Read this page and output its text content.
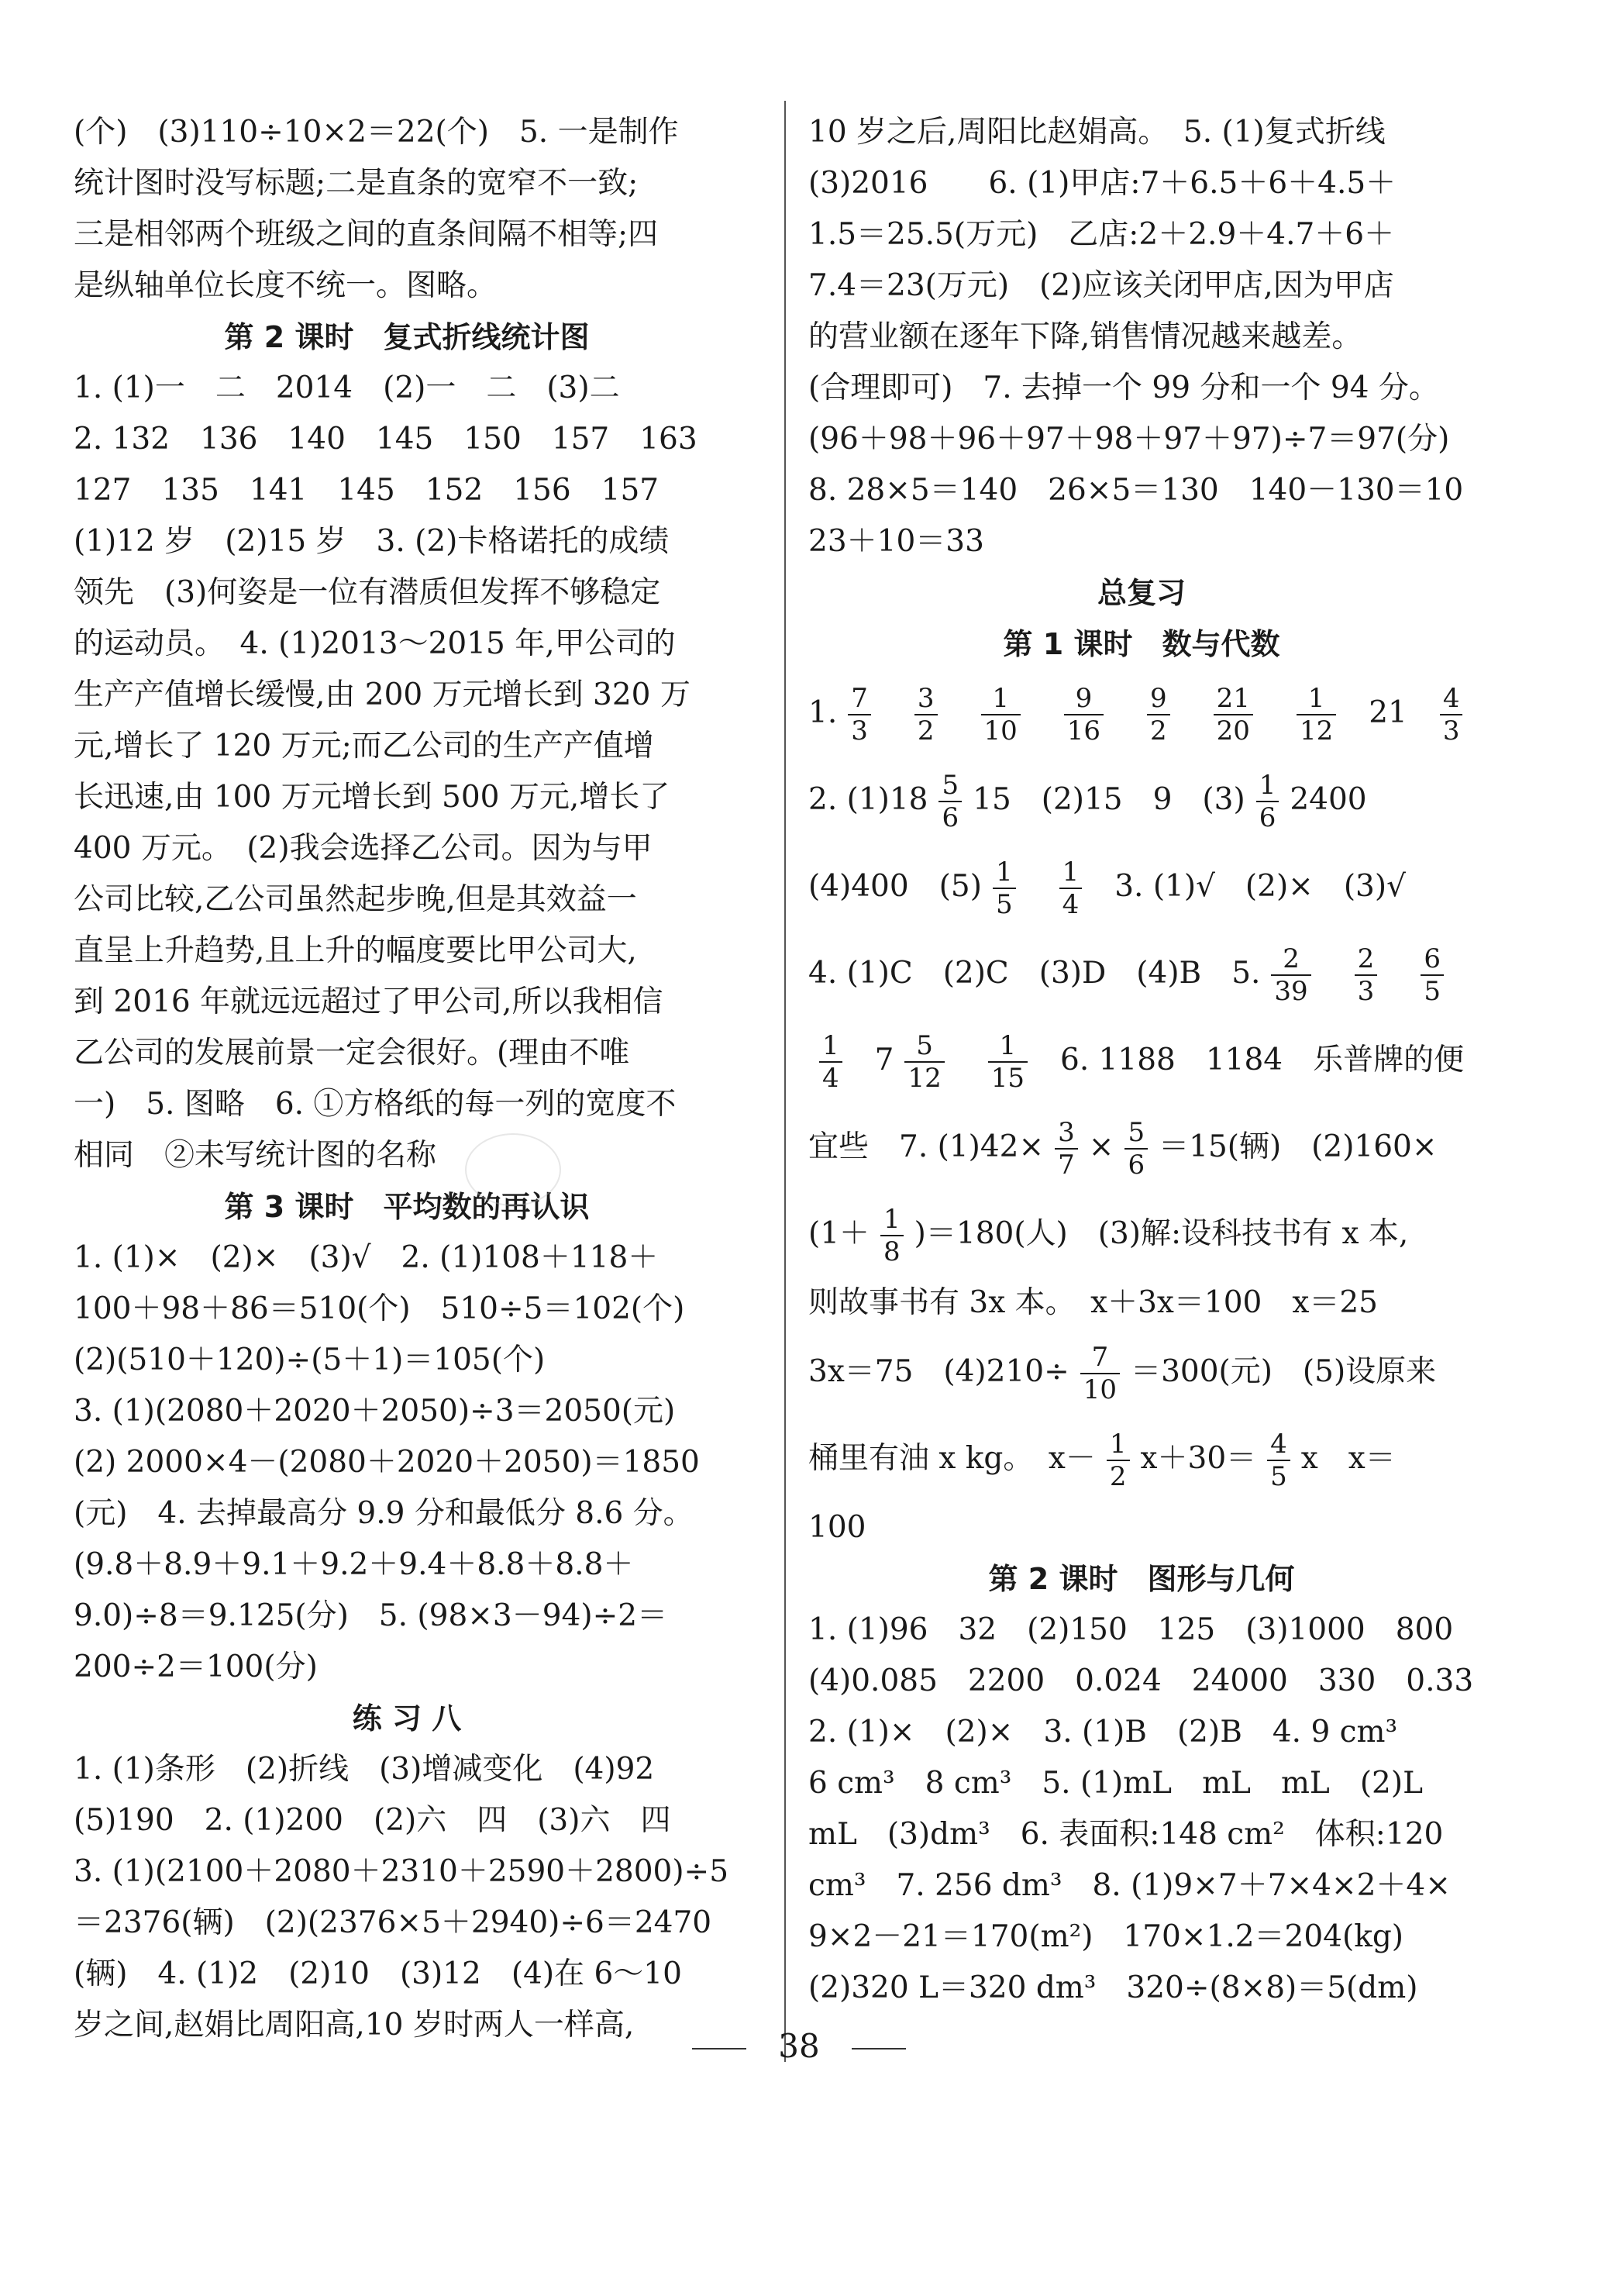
(个)　(3)110÷10×2＝22(个)　5. 一是制作
统计图时没写标题;二是直条的宽窄不一致;
三是相邻两个班级之间的直条间隔不相等;四
是纵轴单位长度不统一。图略。
第 2 课时　复式折线统计图
1. (1)一　二　2014　(2)一　二　(3)二
2. 132　136　140　145　150　157　163
127　135　141　145　152　156　157
(1)12 岁　(2)15 岁　3. (2)卡格诺托的成绩
领先　(3)何姿是一位有潜质但发挥不够稳定
的运动员。　4. (1)2013～2015 年,甲公司的
生产产值增长缓慢,由 200 万元增长到 320 万
元,增长了 120 万元;而乙公司的生产产值增
长迅速,由 100 万元增长到 500 万元,增长了
400 万元。　(2)我会选择乙公司。因为与甲
公司比较,乙公司虽然起步晚,但是其效益一
直呈上升趋势,且上升的幅度要比甲公司大,
到 2016 年就远远超过了甲公司,所以我相信
乙公司的发展前景一定会很好。(理由不唯
一)　5. 图略　6. ①方格纸的每一列的宽度不
相同　②未写统计图的名称
第 3 课时　平均数的再认识
1. (1)×　(2)×　(3)√　2. (1)108＋118＋
100＋98＋86＝510(个)　510÷5＝102(个)
(2)(510＋120)÷(5＋1)＝105(个)
3. (1)(2080＋2020＋2050)÷3＝2050(元)
(2) 2000×4－(2080＋2020＋2050)＝1850
(元)　4. 去掉最高分 9.9 分和最低分 8.6 分。
(9.8＋8.9＋9.1＋9.2＋9.4＋8.8＋8.8＋
9.0)÷8＝9.125(分)　5. (98×3－94)÷2＝
200÷2＝100(分)
练 习 八
1. (1)条形　(2)折线　(3)增减变化　(4)92
(5)190　2. (1)200　(2)六　四　(3)六　四
3. (1)(2100＋2080＋2310＋2590＋2800)÷5
＝2376(辆)　(2)(2376×5＋2940)÷6＝2470
(辆)　4. (1)2　(2)10　(3)12　(4)在 6～10
岁之间,赵娟比周阳高,10 岁时两人一样高,
10 岁之后,周阳比赵娟高。　5. (1)复式折线
(3)2016　　6. (1)甲店:7＋6.5＋6＋4.5＋
1.5＝25.5(万元)　乙店:2＋2.9＋4.7＋6＋
7.4＝23(万元)　(2)应该关闭甲店,因为甲店
的营业额在逐年下降,销售情况越来越差。
(合理即可)　7. 去掉一个 99 分和一个 94 分。
(96＋98＋96＋97＋98＋97＋97)÷7＝97(分)
8. 28×5＝140　26×5＝130　140－130＝10
23＋10＝33
总复习
第 1 课时　数与代数
1. $\frac{7}{3} \frac{3}{2} \frac{1}{10} \frac{9}{16} \frac{9}{2} \frac{21}{20} \frac{1}{12} 21 \frac{4}{3}$
2. $(1)18 \frac{5}{6} 15$　(2)15　9　$(3) \frac{1}{6} 2400$
(4)400　$(5) \frac{1}{5} \frac{1}{4} 3$. (1)√　(2)×　(3)√
4. (1)C　(2)C　(3)D　(4)B　5. $\frac{2}{39} \frac{2}{3} \frac{6}{5}$
$\frac{1}{4} 7 \frac{5}{12} \frac{1}{15} 6$. 1188　1184　乐普牌的便
宜些　7. $(1)42\times \frac{3}{7} \times \frac{5}{6} =15$(辆)　(2)160×
$(1+ \frac{1}{8} )=180$(人)　(3)解:设科技书有 x 本,
则故事书有 3x 本。　x＋3x＝100　x＝25
3x＝75　$(4)210\div \frac{7}{10} =300$(元)　(5)设原来
桶里有油 x kg。　$x- \frac{1}{2} x+30= \frac{4}{5}$ x　x＝
100
第 2 课时　图形与几何
1. (1)96　32　(2)150　125　(3)1000　800
(4)0.085　2200　0.024　24000　330　0.33
2. (1)×　(2)×　3. (1)B　(2)B　4. 9 cm³
6 cm³　8 cm³　5. (1)mL　mL　mL　(2)L
mL　(3)dm³　6. 表面积:148 cm²　体积:120
cm³　7. 256 dm³　8. (1)9×7＋7×4×2＋4×
9×2－21＝170(m²)　170×1.2＝204(kg)
(2)320 L＝320 dm³　320÷(8×8)＝5(dm)
38
